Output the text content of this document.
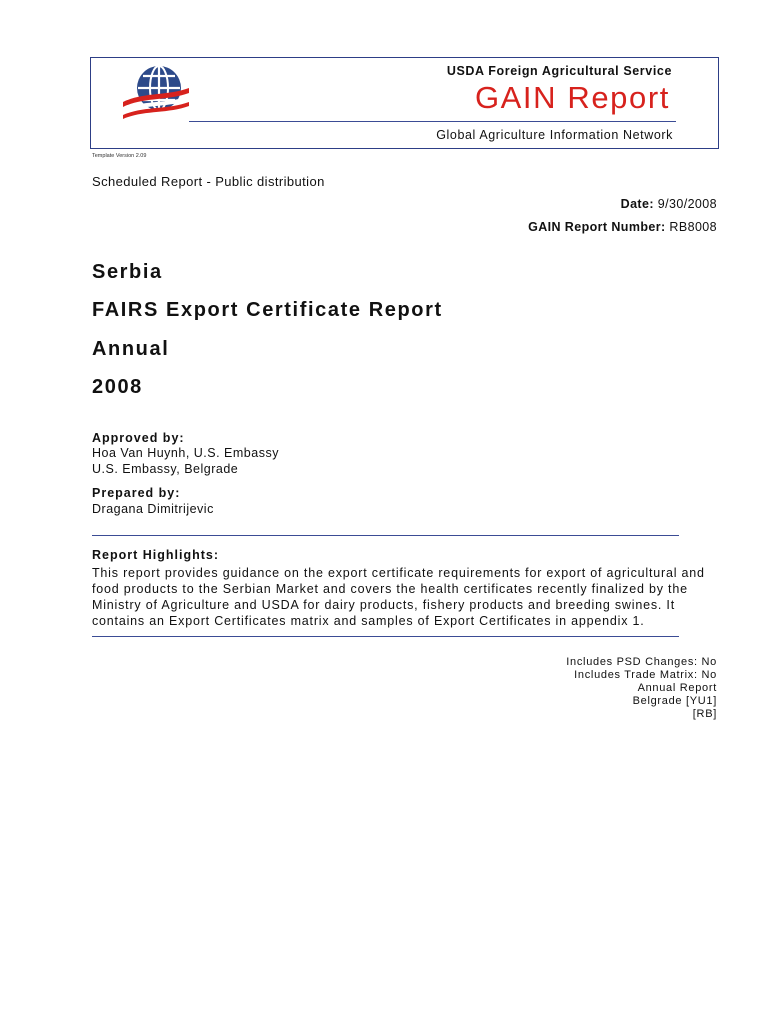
USDA Foreign Agricultural Service
GAIN Report
Global Agriculture Information Network
Template Version 2.09
Scheduled Report - Public distribution
Date: 9/30/2008
GAIN Report Number: RB8008
Serbia
FAIRS Export Certificate Report
Annual
2008
Approved by:
Hoa Van Huynh, U.S. Embassy
U.S. Embassy, Belgrade
Prepared by:
Dragana Dimitrijevic
Report Highlights:

This report provides guidance on the export certificate requirements for export of agricultural and food products to the Serbian Market and covers the health certificates recently finalized by the Ministry of Agriculture and USDA for dairy products, fishery products and breeding swines. It contains an Export Certificates matrix and samples of Export Certificates in appendix 1.

Includes PSD Changes: No
Includes Trade Matrix: No
Annual Report
Belgrade [YU1]
[RB]
